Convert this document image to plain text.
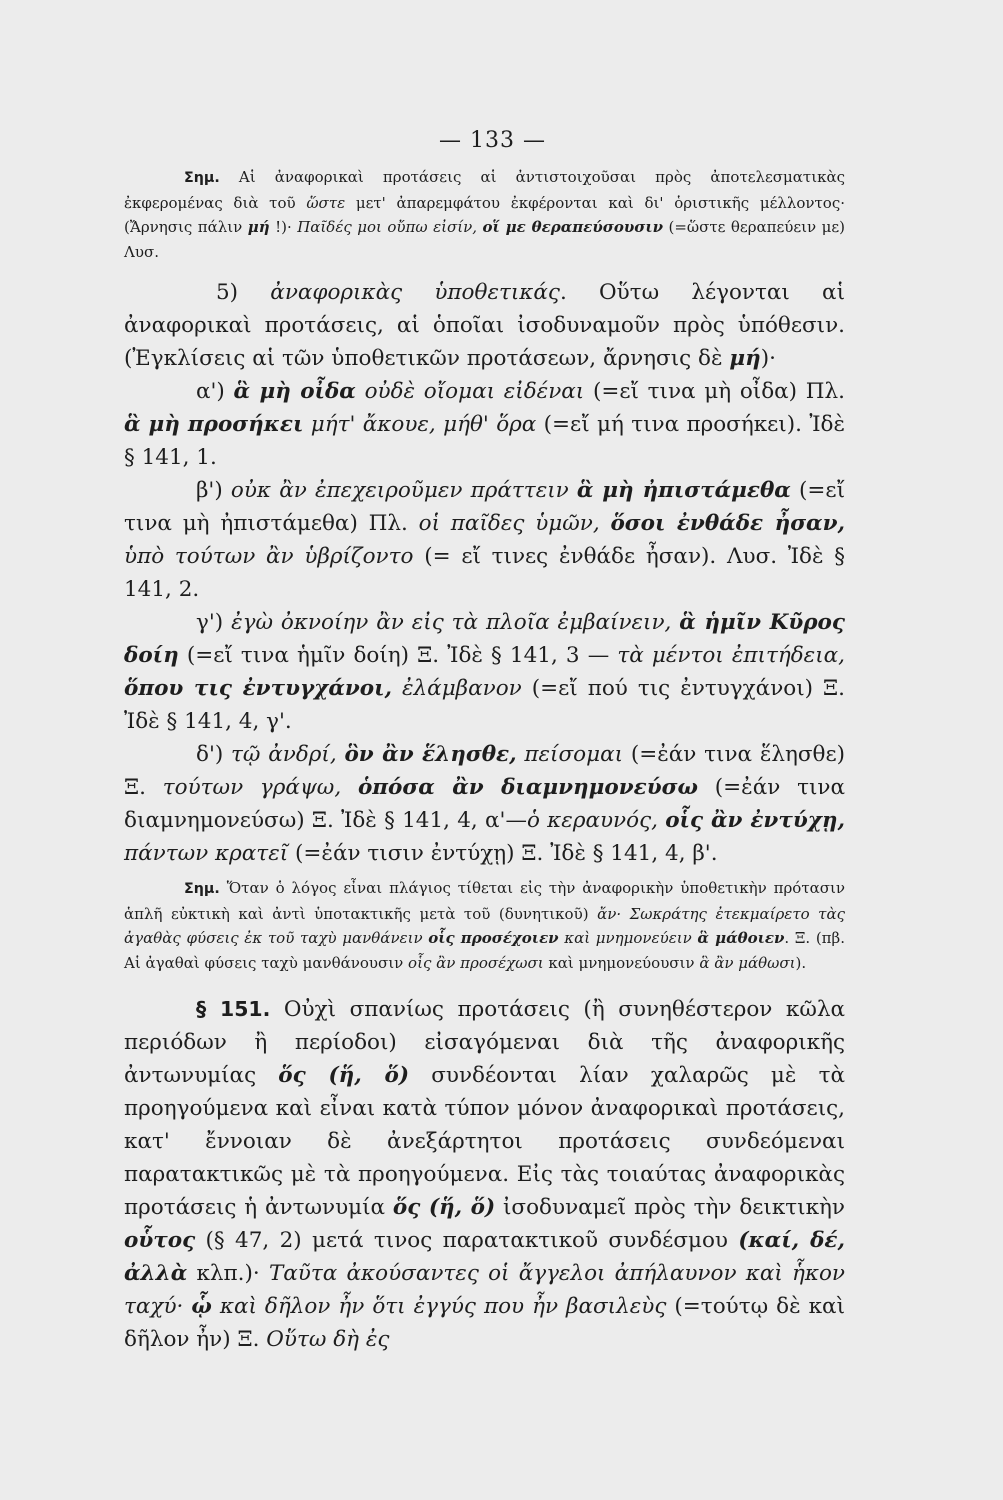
— 133 —

Σημ. Αἱ ἀναφορικαὶ προτάσεις αἱ ἀντιστοιχοῦσαι πρὸς ἀποτελεσματικὰς ἐκφερομένας διὰ τοῦ ὥστε μετ' ἀπαρεμφάτου ἐκφέρονται καὶ δι' ὁριστικῆς μέλλοντος· (Ἄρνησις πάλιν μή !)· Παῖδές μοι οὔπω εἰσίν, οἵ με θεραπεύσουσιν (=ὥστε θεραπεύειν με) Λυσ.

5) ἀναφορικὰς ὑποθετικάς. Οὕτω λέγονται αἱ ἀναφορικαὶ προτάσεις, αἱ ὁποῖαι ἰσοδυναμοῦν πρὸς ὑπόθεσιν. (Ἐγκλίσεις αἱ τῶν ὑποθετικῶν προτάσεων, ἄρνησις δὲ μή)·

α') ἃ μὴ οἶδα οὐδὲ οἴομαι εἰδέναι (=εἴ τινα μὴ οἶδα) Πλ. ἃ μὴ προσήκει μήτ' ἄκουε, μήθ' ὅρα (=εἴ μή τινα προσήκει). Ἰδὲ § 141, 1.

β') οὐκ ἂν ἐπεχειροῦμεν πράττειν ἃ μὴ ἠπιστάμεθα (=εἴ τινα μὴ ἠπιστάμεθα) Πλ. οἱ παῖδες ὑμῶν, ὅσοι ἐνθάδε ἦσαν, ὑπὸ τούτων ἂν ὑβρίζοντο (= εἴ τινες ἐνθάδε ἦσαν). Λυσ. Ἰδὲ § 141, 2.

γ') ἐγὼ ὀκνοίην ἂν εἰς τὰ πλοῖα ἐμβαίνειν, ἃ ἡμῖν Κῦρος δοίη (=εἴ τινα ἡμῖν δοίη) Ξ. Ἰδὲ § 141, 3 — τὰ μέντοι ἐπιτήδεια, ὅπου τις ἐντυγχάνοι, ἐλάμβανον (=εἴ πού τις ἐντυγχάνοι) Ξ. Ἰδὲ § 141, 4, γ'.

δ') τῷ ἀνδρί, ὃν ἂν ἕλησθε, πείσομαι (=ἐάν τινα ἕλησθε) Ξ. τούτων γράψω, ὁπόσα ἂν διαμνημονεύσω (=ἐάν τινα διαμνημονεύσω) Ξ. Ἰδὲ § 141, 4, α'—ὁ κεραυνός, οἷς ἂν ἐντύχῃ, πάντων κρατεῖ (=ἐάν τισιν ἐντύχῃ) Ξ. Ἰδὲ § 141, 4, β'.

Σημ. Ὅταν ὁ λόγος εἶναι πλάγιος τίθεται εἰς τὴν ἀναφορικὴν ὑποθετικὴν πρότασιν ἁπλῆ εὐκτικὴ καὶ ἀντὶ ὑποτακτικῆς μετὰ τοῦ (δυνητικοῦ) ἄν· Σωκράτης ἐτεκμαίρετο τὰς ἀγαθὰς φύσεις ἐκ τοῦ ταχὺ μανθάνειν οἷς προσέχοιεν καὶ μνημονεύειν ἃ μάθοιεν. Ξ. (πβ. Αἱ ἀγαθαὶ φύσεις ταχὺ μανθάνουσιν οἷς ἂν προσέχωσι καὶ μνημονεύουσιν ἃ ἂν μάθωσι).

§ 151. Οὐχὶ σπανίως προτάσεις (ἢ συνηθέστερον κῶλα περιόδων ἢ περίοδοι) εἰσαγόμεναι διὰ τῆς ἀναφορικῆς ἀντωνυμίας ὅς (ἥ, ὅ) συνδέονται λίαν χαλαρῶς μὲ τὰ προηγούμενα καὶ εἶναι κατὰ τύπον μόνον ἀναφορικαὶ προτάσεις, κατ' ἔννοιαν δὲ ἀνεξάρτητοι προτάσεις συνδεόμεναι παρατακτικῶς μὲ τὰ προηγούμενα. Εἰς τὰς τοιαύτας ἀναφορικὰς προτάσεις ἡ ἀντωνυμία ὅς (ἥ, ὅ) ἰσοδυναμεῖ πρὸς τὴν δεικτικὴν οὗτος (§ 47, 2) μετά τινος παρατακτικοῦ συνδέσμου (καί, δέ, ἀλλὰ κλπ.)· Ταῦτα ἀκούσαντες οἱ ἄγγελοι ἀπήλαυνον καὶ ἧκον ταχύ· ᾧ καὶ δῆλον ἦν ὅτι ἐγγύς που ἦν βασιλεὺς (=τούτῳ δὲ καὶ δῆλον ἦν) Ξ. Οὕτω δὴ ἐς
